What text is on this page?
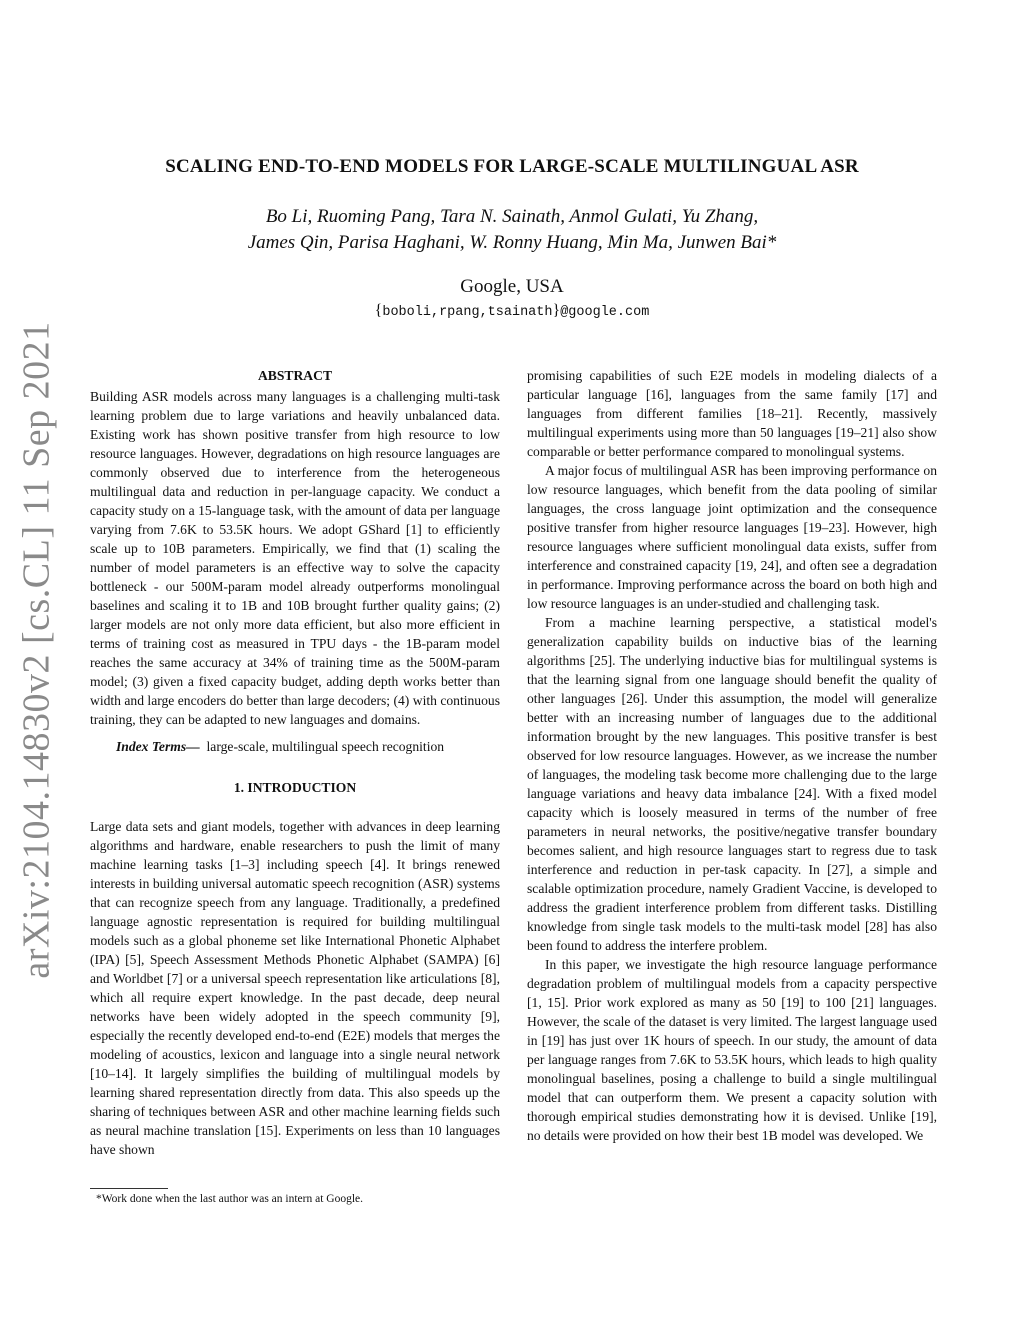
arXiv:2104.14830v2 [cs.CL] 11 Sep 2021
SCALING END-TO-END MODELS FOR LARGE-SCALE MULTILINGUAL ASR
Bo Li, Ruoming Pang, Tara N. Sainath, Anmol Gulati, Yu Zhang,
James Qin, Parisa Haghani, W. Ronny Huang, Min Ma, Junwen Bai*
Google, USA
{boboli,rpang,tsainath}@google.com
ABSTRACT

Building ASR models across many languages is a challenging multi-task learning problem due to large variations and heavily unbalanced data. Existing work has shown positive transfer from high resource to low resource languages. However, degradations on high resource languages are commonly observed due to interference from the heterogeneous multilingual data and reduction in per-language capacity. We conduct a capacity study on a 15-language task, with the amount of data per language varying from 7.6K to 53.5K hours. We adopt GShard [1] to efficiently scale up to 10B parameters. Empirically, we find that (1) scaling the number of model parameters is an effective way to solve the capacity bottleneck - our 500M-param model already outperforms monolingual baselines and scaling it to 1B and 10B brought further quality gains; (2) larger models are not only more data efficient, but also more efficient in terms of training cost as measured in TPU days - the 1B-param model reaches the same accuracy at 34% of training time as the 500M-param model; (3) given a fixed capacity budget, adding depth works better than width and large encoders do better than large decoders; (4) with continuous training, they can be adapted to new languages and domains.

Index Terms— large-scale, multilingual speech recognition

1. INTRODUCTION

Large data sets and giant models, together with advances in deep learning algorithms and hardware, enable researchers to push the limit of many machine learning tasks [1–3] including speech [4]. It brings renewed interests in building universal automatic speech recognition (ASR) systems that can recognize speech from any language. Traditionally, a predefined language agnostic representation is required for building multilingual models such as a global phoneme set like International Phonetic Alphabet (IPA) [5], Speech Assessment Methods Phonetic Alphabet (SAMPA) [6] and Worldbet [7] or a universal speech representation like articulations [8], which all require expert knowledge. In the past decade, deep neural networks have been widely adopted in the speech community [9], especially the recently developed end-to-end (E2E) models that merges the modeling of acoustics, lexicon and language into a single neural network [10–14]. It largely simplifies the building of multilingual models by learning shared representation directly from data. This also speeds up the sharing of techniques between ASR and other machine learning fields such as neural machine translation [15]. Experiments on less than 10 languages have shown

promising capabilities of such E2E models in modeling dialects of a particular language [16], languages from the same family [17] and languages from different families [18–21]. Recently, massively multilingual experiments using more than 50 languages [19–21] also show comparable or better performance compared to monolingual systems.

A major focus of multilingual ASR has been improving performance on low resource languages, which benefit from the data pooling of similar languages, the cross language joint optimization and the consequence positive transfer from higher resource languages [19–23]. However, high resource languages where sufficient monolingual data exists, suffer from interference and constrained capacity [19, 24], and often see a degradation in performance. Improving performance across the board on both high and low resource languages is an under-studied and challenging task.

From a machine learning perspective, a statistical model's generalization capability builds on inductive bias of the learning algorithms [25]. The underlying inductive bias for multilingual systems is that the learning signal from one language should benefit the quality of other languages [26]. Under this assumption, the model will generalize better with an increasing number of languages due to the additional information brought by the new languages. This positive transfer is best observed for low resource languages. However, as we increase the number of languages, the modeling task become more challenging due to the large language variations and heavy data imbalance [24]. With a fixed model capacity which is loosely measured in terms of the number of free parameters in neural networks, the positive/negative transfer boundary becomes salient, and high resource languages start to regress due to task interference and reduction in per-task capacity. In [27], a simple and scalable optimization procedure, namely Gradient Vaccine, is developed to address the gradient interference problem from different tasks. Distilling knowledge from single task models to the multi-task model [28] has also been found to address the interfere problem.

In this paper, we investigate the high resource language performance degradation problem of multilingual models from a capacity perspective [1, 15]. Prior work explored as many as 50 [19] to 100 [21] languages. However, the scale of the dataset is very limited. The largest language used in [19] has just over 1K hours of speech. In our study, the amount of data per language ranges from 7.6K to 53.5K hours, which leads to high quality monolingual baselines, posing a challenge to build a single multilingual model that can outperform them. We present a capacity solution with thorough empirical studies demonstrating how it is devised. Unlike [19], no details were provided on how their best 1B model was developed. We

*Work done when the last author was an intern at Google.
